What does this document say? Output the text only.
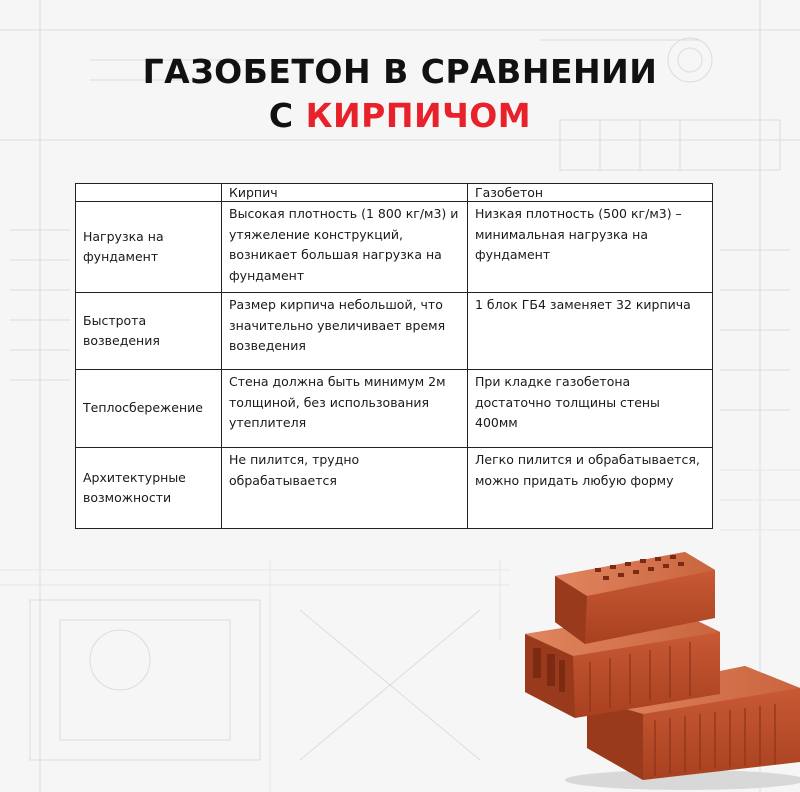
ГАЗОБЕТОН В СРАВНЕНИИ
С КИРПИЧОМ
	Кирпич	Газобетон
Нагрузка на фундамент	Высокая плотность (1 800 кг/м3) и утяжеление конструкций, возникает большая нагрузка на фундамент	Низкая плотность (500 кг/м3) – минимальная нагрузка на фундамент
Быстрота возведения	Размер кирпича небольшой, что значительно увеличивает время возведения	1 блок ГБ4 заменяет 32 кирпича
Теплосбережение	Стена должна быть минимум 2м толщиной, без использования утеплителя	При кладке газобетона достаточно толщины стены 400мм
Архитектурные возможности	Не пилится, трудно обрабатывается	Легко пилится и обрабатывается, можно придать любую форму
